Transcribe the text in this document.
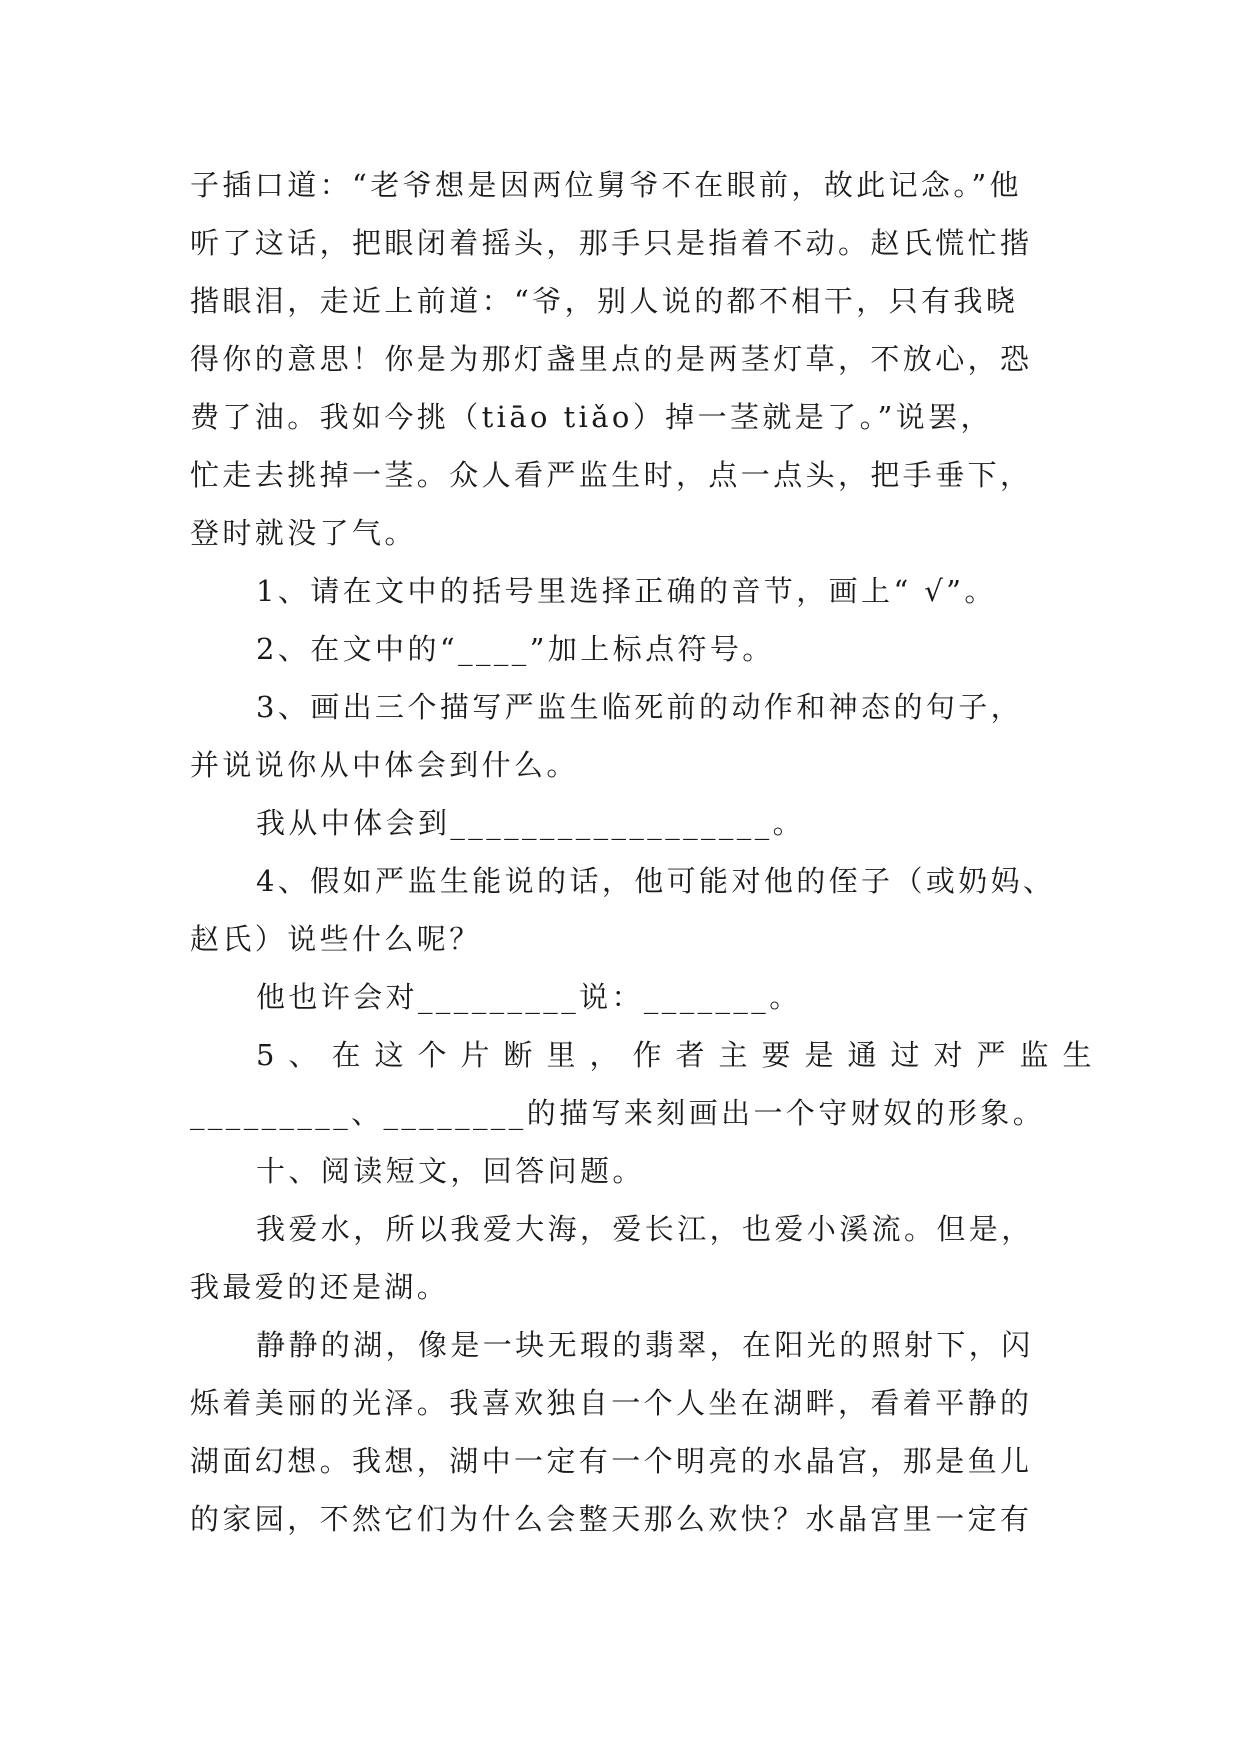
子插口道：“老爷想是因两位舅爷不在眼前，故此记念。”他
听了这话，把眼闭着摇头，那手只是指着不动。赵氏慌忙揩
揩眼泪，走近上前道：“爷，别人说的都不相干，只有我晓
得你的意思！你是为那灯盏里点的是两茎灯草，不放心，恐
费了油。我如今挑（tiāo tiǎo）掉一茎就是了。”说罢，
忙走去挑掉一茎。众人看严监生时，点一点头，把手垂下，
登时就没了气。
1、请在文中的括号里选择正确的音节，画上“ √”。
2、在文中的“____”加上标点符号。
3、画出三个描写严监生临死前的动作和神态的句子，
并说说你从中体会到什么。
我从中体会到__________________。
4、假如严监生能说的话，他可能对他的侄子（或奶妈、
赵氏）说些什么呢？
他也许会对_________说：_______。
5、在这个片断里，作者主要是通过对严监生
_________、________的描写来刻画出一个守财奴的形象。
十、阅读短文，回答问题。
我爱水，所以我爱大海，爱长江，也爱小溪流。但是，
我最爱的还是湖。
静静的湖，像是一块无瑕的翡翠，在阳光的照射下，闪
烁着美丽的光泽。我喜欢独自一个人坐在湖畔，看着平静的
湖面幻想。我想，湖中一定有一个明亮的水晶宫，那是鱼儿
的家园，不然它们为什么会整天那么欢快？水晶宫里一定有
